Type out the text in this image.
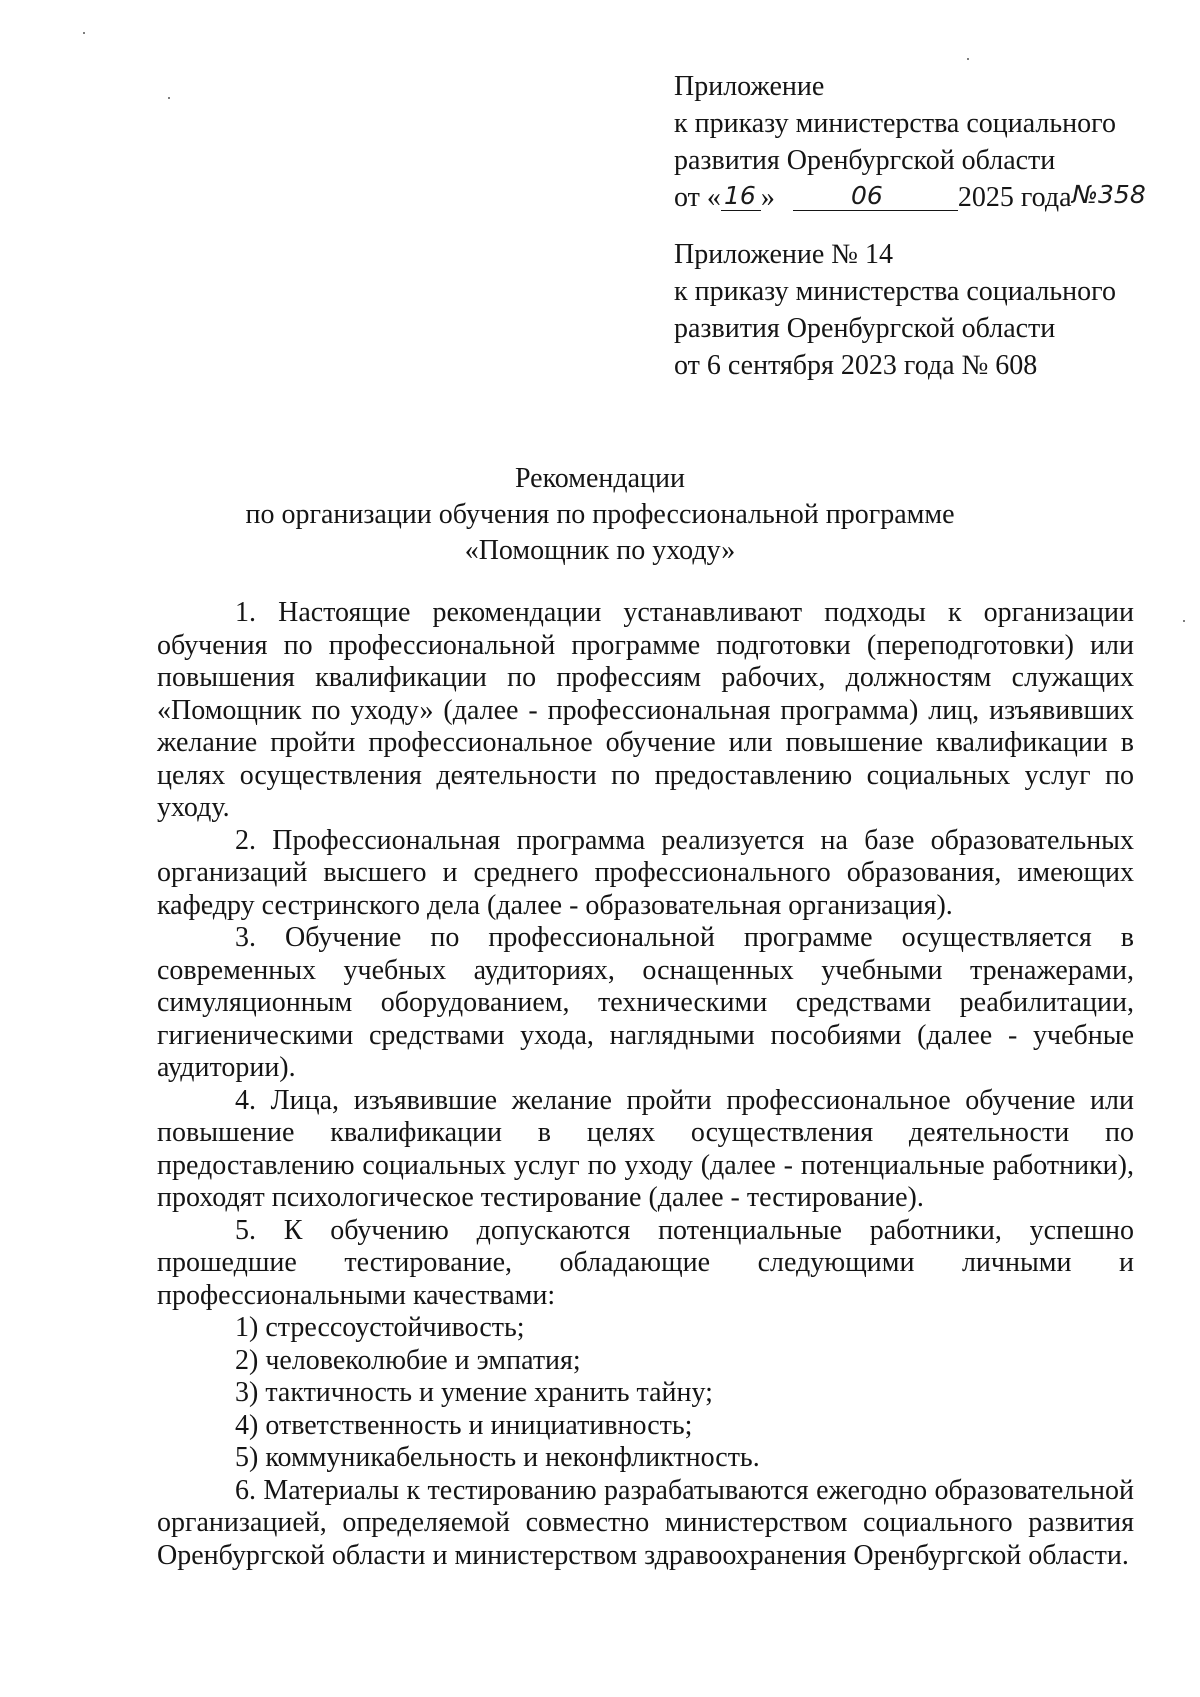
Приложение
к приказу министерства социального
развития Оренбургской области
от « 16 »	06	2025 года №358
Приложение № 14
к приказу министерства социального
развития Оренбургской области
от 6 сентября 2023 года № 608
Рекомендации
по организации обучения по профессиональной программе
«Помощник по уходу»

1. Настоящие рекомендации устанавливают подходы к организации обучения по профессиональной программе подготовки (переподготовки) или повышения квалификации по профессиям рабочих, должностям служащих «Помощник по уходу» (далее - профессиональная программа) лиц, изъявивших желание пройти профессиональное обучение или повышение квалификации в целях осуществления деятельности по предоставлению социальных услуг по уходу.

2. Профессиональная программа реализуется на базе образовательных организаций высшего и среднего профессионального образования, имеющих кафедру сестринского дела (далее - образовательная организация).

3. Обучение по профессиональной программе осуществляется в современных учебных аудиториях, оснащенных учебными тренажерами, симуляционным оборудованием, техническими средствами реабилитации, гигиеническими средствами ухода, наглядными пособиями (далее - учебные аудитории).

4. Лица, изъявившие желание пройти профессиональное обучение или повышение квалификации в целях осуществления деятельности по предоставлению социальных услуг по уходу (далее - потенциальные работники), проходят психологическое тестирование (далее - тестирование).

5. К обучению допускаются потенциальные работники, успешно прошедшие тестирование, обладающие следующими личными и профессиональными качествами:

1) стрессоустойчивость;
2) человеколюбие и эмпатия;
3) тактичность и умение хранить тайну;
4) ответственность и инициативность;
5) коммуникабельность и неконфликтность.

6. Материалы к тестированию разрабатываются ежегодно образовательной организацией, определяемой совместно министерством социального развития Оренбургской области и министерством здравоохранения Оренбургской области.
